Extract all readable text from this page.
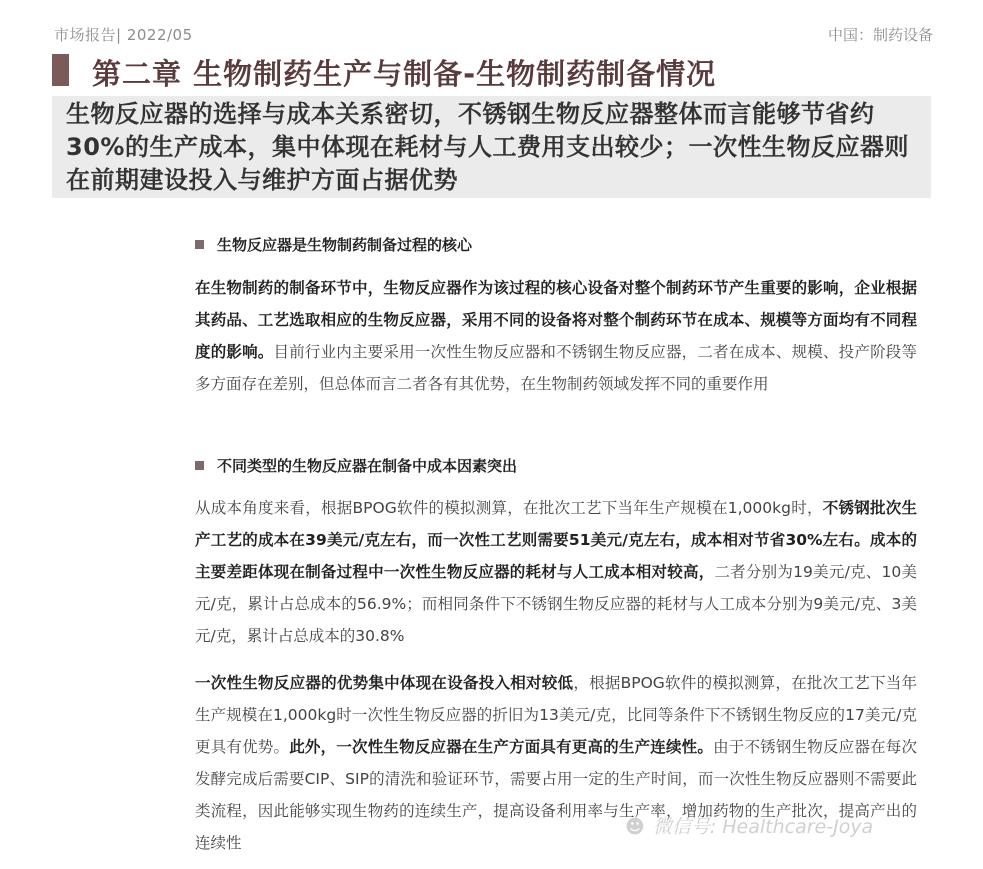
市场报告| 2022/05	中国：制药设备
第二章 生物制药生产与制备-生物制药制备情况
生物反应器的选择与成本关系密切，不锈钢生物反应器整体而言能够节省约30%的生产成本，集中体现在耗材与人工费用支出较少；一次性生物反应器则在前期建设投入与维护方面占据优势
生物反应器是生物制药制备过程的核心
在生物制药的制备环节中，生物反应器作为该过程的核心设备对整个制药环节产生重要的影响，企业根据其药品、工艺选取相应的生物反应器，采用不同的设备将对整个制药环节在成本、规模等方面均有不同程度的影响。目前行业内主要采用一次性生物反应器和不锈钢生物反应器，二者在成本、规模、投产阶段等多方面存在差别，但总体而言二者各有其优势，在生物制药领域发挥不同的重要作用
不同类型的生物反应器在制备中成本因素突出
从成本角度来看，根据BPOG软件的模拟测算，在批次工艺下当年生产规模在1,000kg时，不锈钢批次生产工艺的成本在39美元/克左右，而一次性工艺则需要51美元/克左右，成本相对节省30%左右。成本的主要差距体现在制备过程中一次性生物反应器的耗材与人工成本相对较高，二者分别为19美元/克、10美元/克，累计占总成本的56.9%；而相同条件下不锈钢生物反应器的耗材与人工成本分别为9美元/克、3美元/克，累计占总成本的30.8%
一次性生物反应器的优势集中体现在设备投入相对较低，根据BPOG软件的模拟测算，在批次工艺下当年生产规模在1,000kg时一次性生物反应器的折旧为13美元/克，比同等条件下不锈钢生物反应的17美元/克更具有优势。此外，一次性生物反应器在生产方面具有更高的生产连续性。由于不锈钢生物反应器在每次发酵完成后需要CIP、SIP的清洗和验证环节，需要占用一定的生产时间，而一次性生物反应器则不需要此类流程，因此能够实现生物药的连续生产，提高设备利用率与生产率，增加药物的生产批次，提高产出的连续性
☻ 微信号: Healthcare-Joya
